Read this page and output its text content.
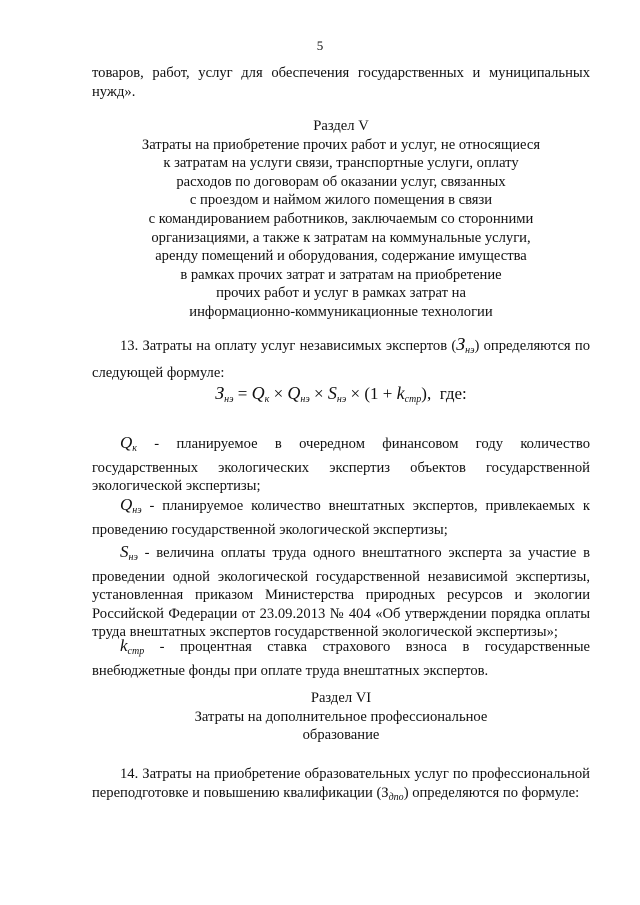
5
товаров, работ, услуг для обеспечения государственных и муниципальных нужд».
Раздел V
Затраты на приобретение прочих работ и услуг, не относящиеся
к затратам на услуги связи, транспортные услуги, оплату
расходов по договорам об оказании услуг, связанных
с проездом и наймом жилого помещения в связи
с командированием работников, заключаемым со сторонними
организациями, а также к затратам на коммунальные услуги,
аренду помещений и оборудования, содержание имущества
в рамках прочих затрат и затратам на приобретение
прочих работ и услуг в рамках затрат на
информационно-коммуникационные технологии
13. Затраты на оплату услуг независимых экспертов $(З_{нэ})$ определяются по следующей формуле:
$З_{нэ} = Q_к \times Q_{нэ} \times S_{нэ} \times (1 + k_{стр})$, где:
$Q_к$ - планируемое в очередном финансовом году количество государственных экологических экспертиз объектов государственной экологической экспертизы;
$Q_{нэ}$ - планируемое количество внештатных экспертов, привлекаемых к проведению государственной экологической экспертизы;
$S_{нэ}$ - величина оплаты труда одного внештатного эксперта за участие в проведении одной экологической государственной независимой экспертизы, установленная приказом Министерства природных ресурсов и экологии Российской Федерации от 23.09.2013 № 404 «Об утверждении порядка оплаты труда внештатных экспертов государственной экологической экспертизы»;
$k_{стр}$ - процентная ставка страхового взноса в государственные внебюджетные фонды при оплате труда внештатных экспертов.
Раздел VI
Затраты на дополнительное профессиональное
образование
14. Затраты на приобретение образовательных услуг по профессиональной переподготовке и повышению квалификации $(З_{дпо})$ определяются по формуле:
